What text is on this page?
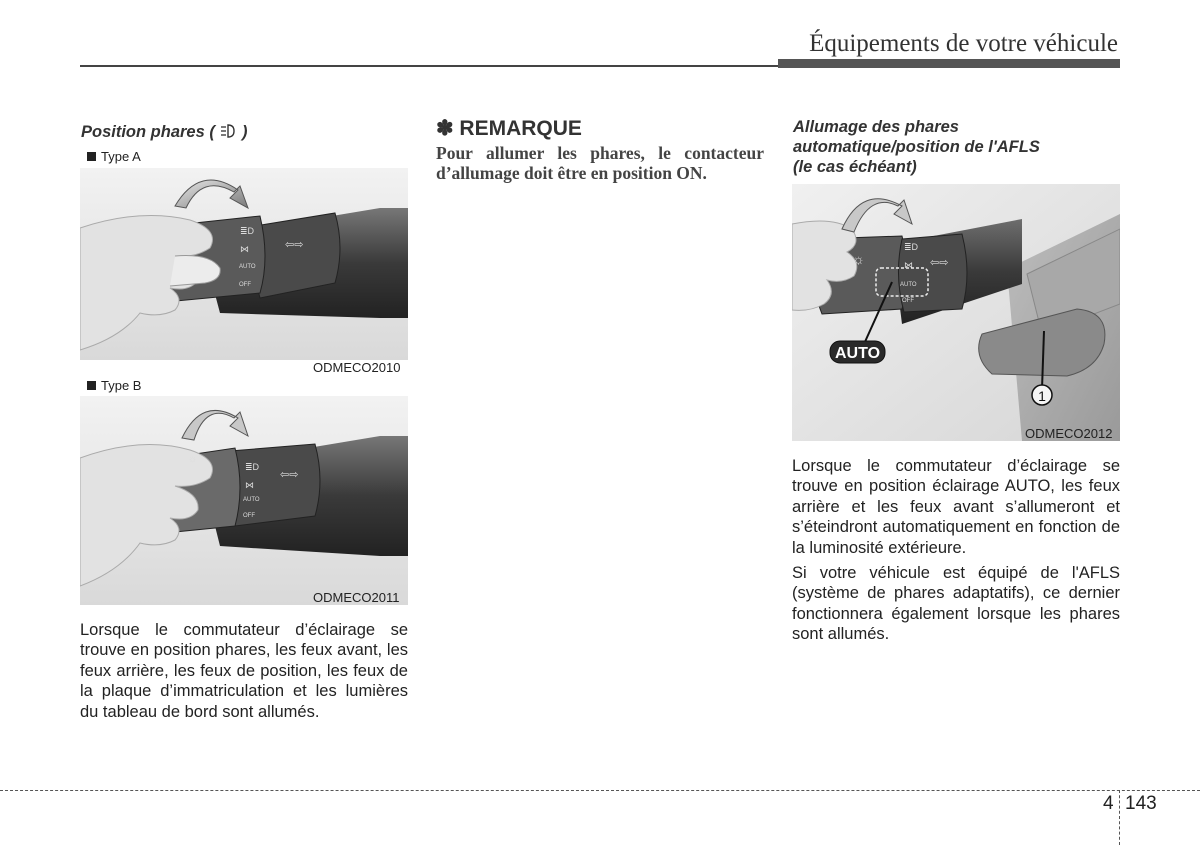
Équipements de votre véhicule
Position phares ( )
Type A
≣D
⋈
AUTO
OFF
⇦⇨
ODMECO2010
Type B
☼
≣D
⋈
AUTO
OFF
⇦⇨
ODMECO2011
Lorsque le commutateur d’éclairage se trouve en position phares, les feux avant, les feux arrière, les feux de position, les feux de la plaque d’immatriculation et les lumières du tableau de bord sont allumés.
✽ REMARQUE
Pour allumer les phares, le contacteur d’allumage doit être en position ON.
Allumage des phares
automatique/position de l'AFLS
(le cas échéant)
☼
≣D
⋈
AUTO
OFF
⇦⇨
AUTO
1
ODMECO2012

Lorsque le commutateur d’éclairage se trouve en position éclairage AUTO, les feux arrière et les feux avant s’allumeront et s’éteindront automatiquement en fonction de la luminosité extérieure.

Si votre véhicule est équipé de l'AFLS (système de phares adaptatifs), ce dernier fonctionnera également lorsque les phares sont allumés.

4 143
